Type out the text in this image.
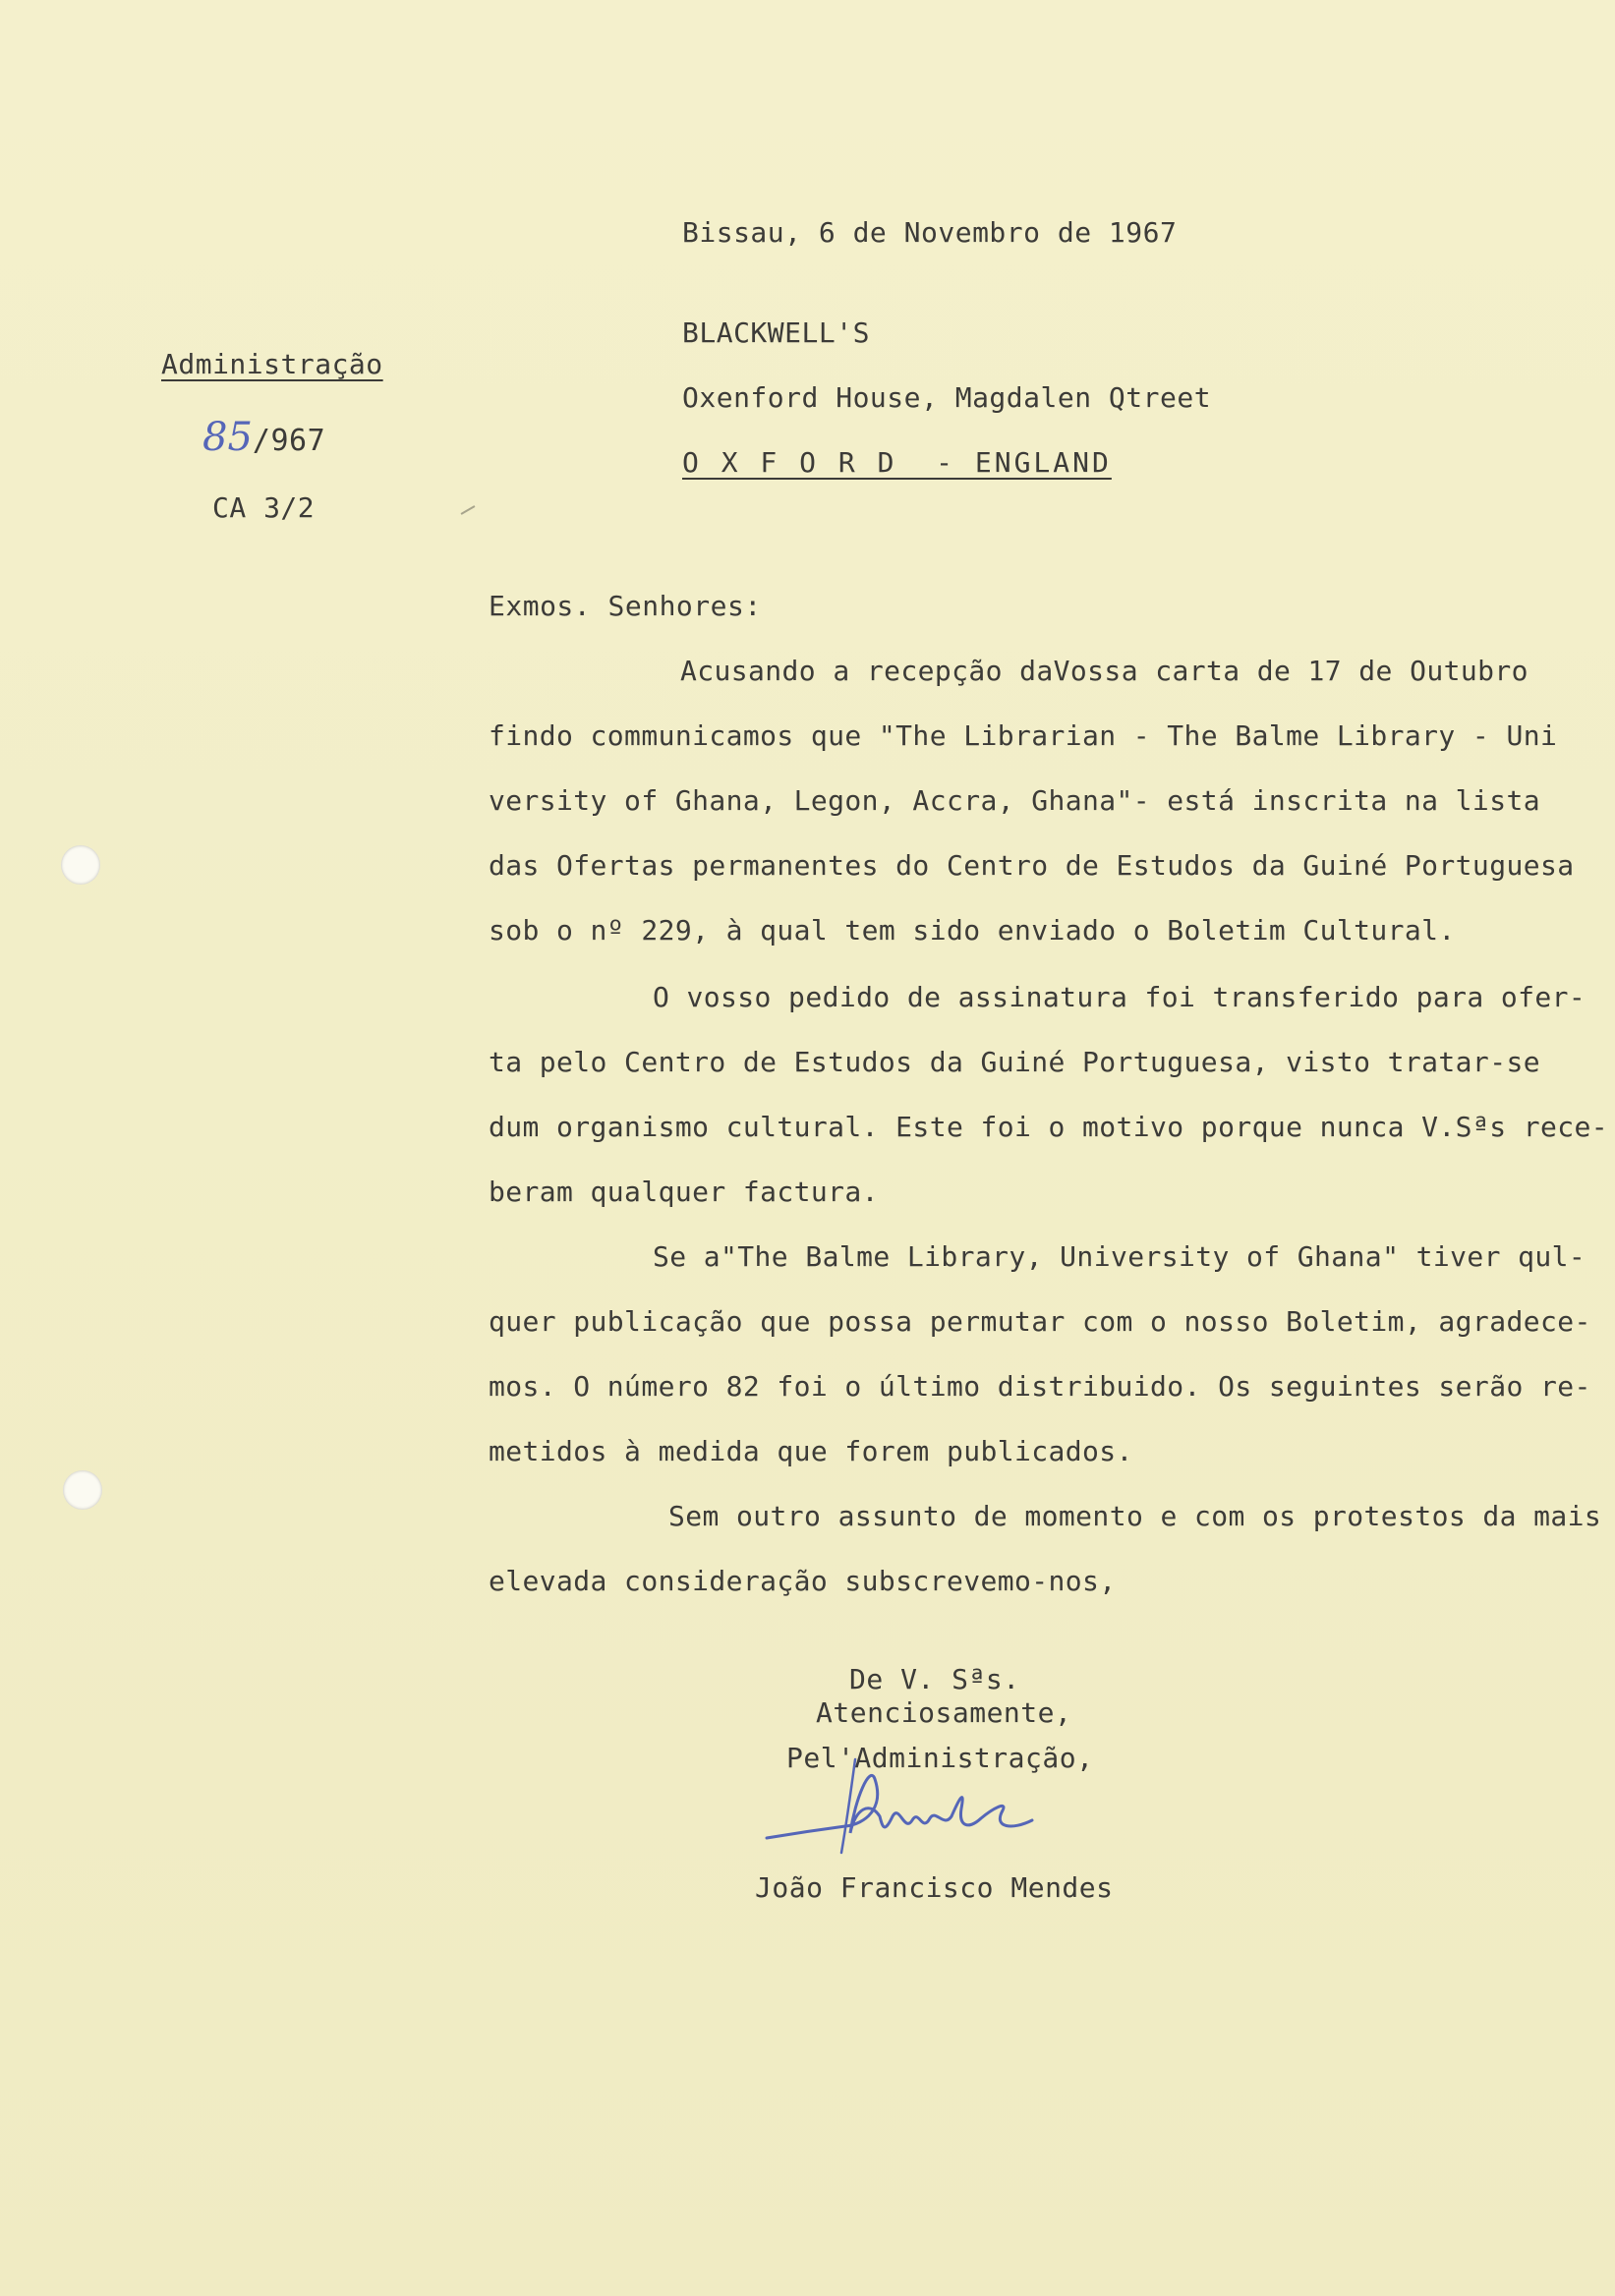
Bissau, 6 de Novembro de 1967
BLACKWELL'S
Oxenford House, Magdalen Qtreet
O X F O R D  - ENGLAND
Administração
85/967
CA 3/2
Exmos. Senhores:
Acusando a recepção daVossa carta de 17 de Outubro
findo communicamos que "The Librarian - The Balme Library - Uni
versity of Ghana, Legon, Accra, Ghana"- está inscrita na lista
das Ofertas permanentes do Centro de Estudos da Guiné Portuguesa
sob o nº 229, à qual tem sido enviado o Boletim Cultural.
O vosso pedido de assinatura foi transferido para ofer-
ta pelo Centro de Estudos da Guiné Portuguesa, visto tratar-se
dum organismo cultural. Este foi o motivo porque nunca V.Sªs rece-
beram qualquer factura.
Se a"The Balme Library, University of Ghana" tiver qul-
quer publicação que possa permutar com o nosso Boletim, agradece-
mos. O número 82 foi o último distribuido. Os seguintes serão re-
metidos à medida que forem publicados.
Sem outro assunto de momento e com os protestos da mais
elevada consideração subscrevemo-nos,
De V. Sªs.
Atenciosamente,
Pel'Administração,
João Francisco Mendes
